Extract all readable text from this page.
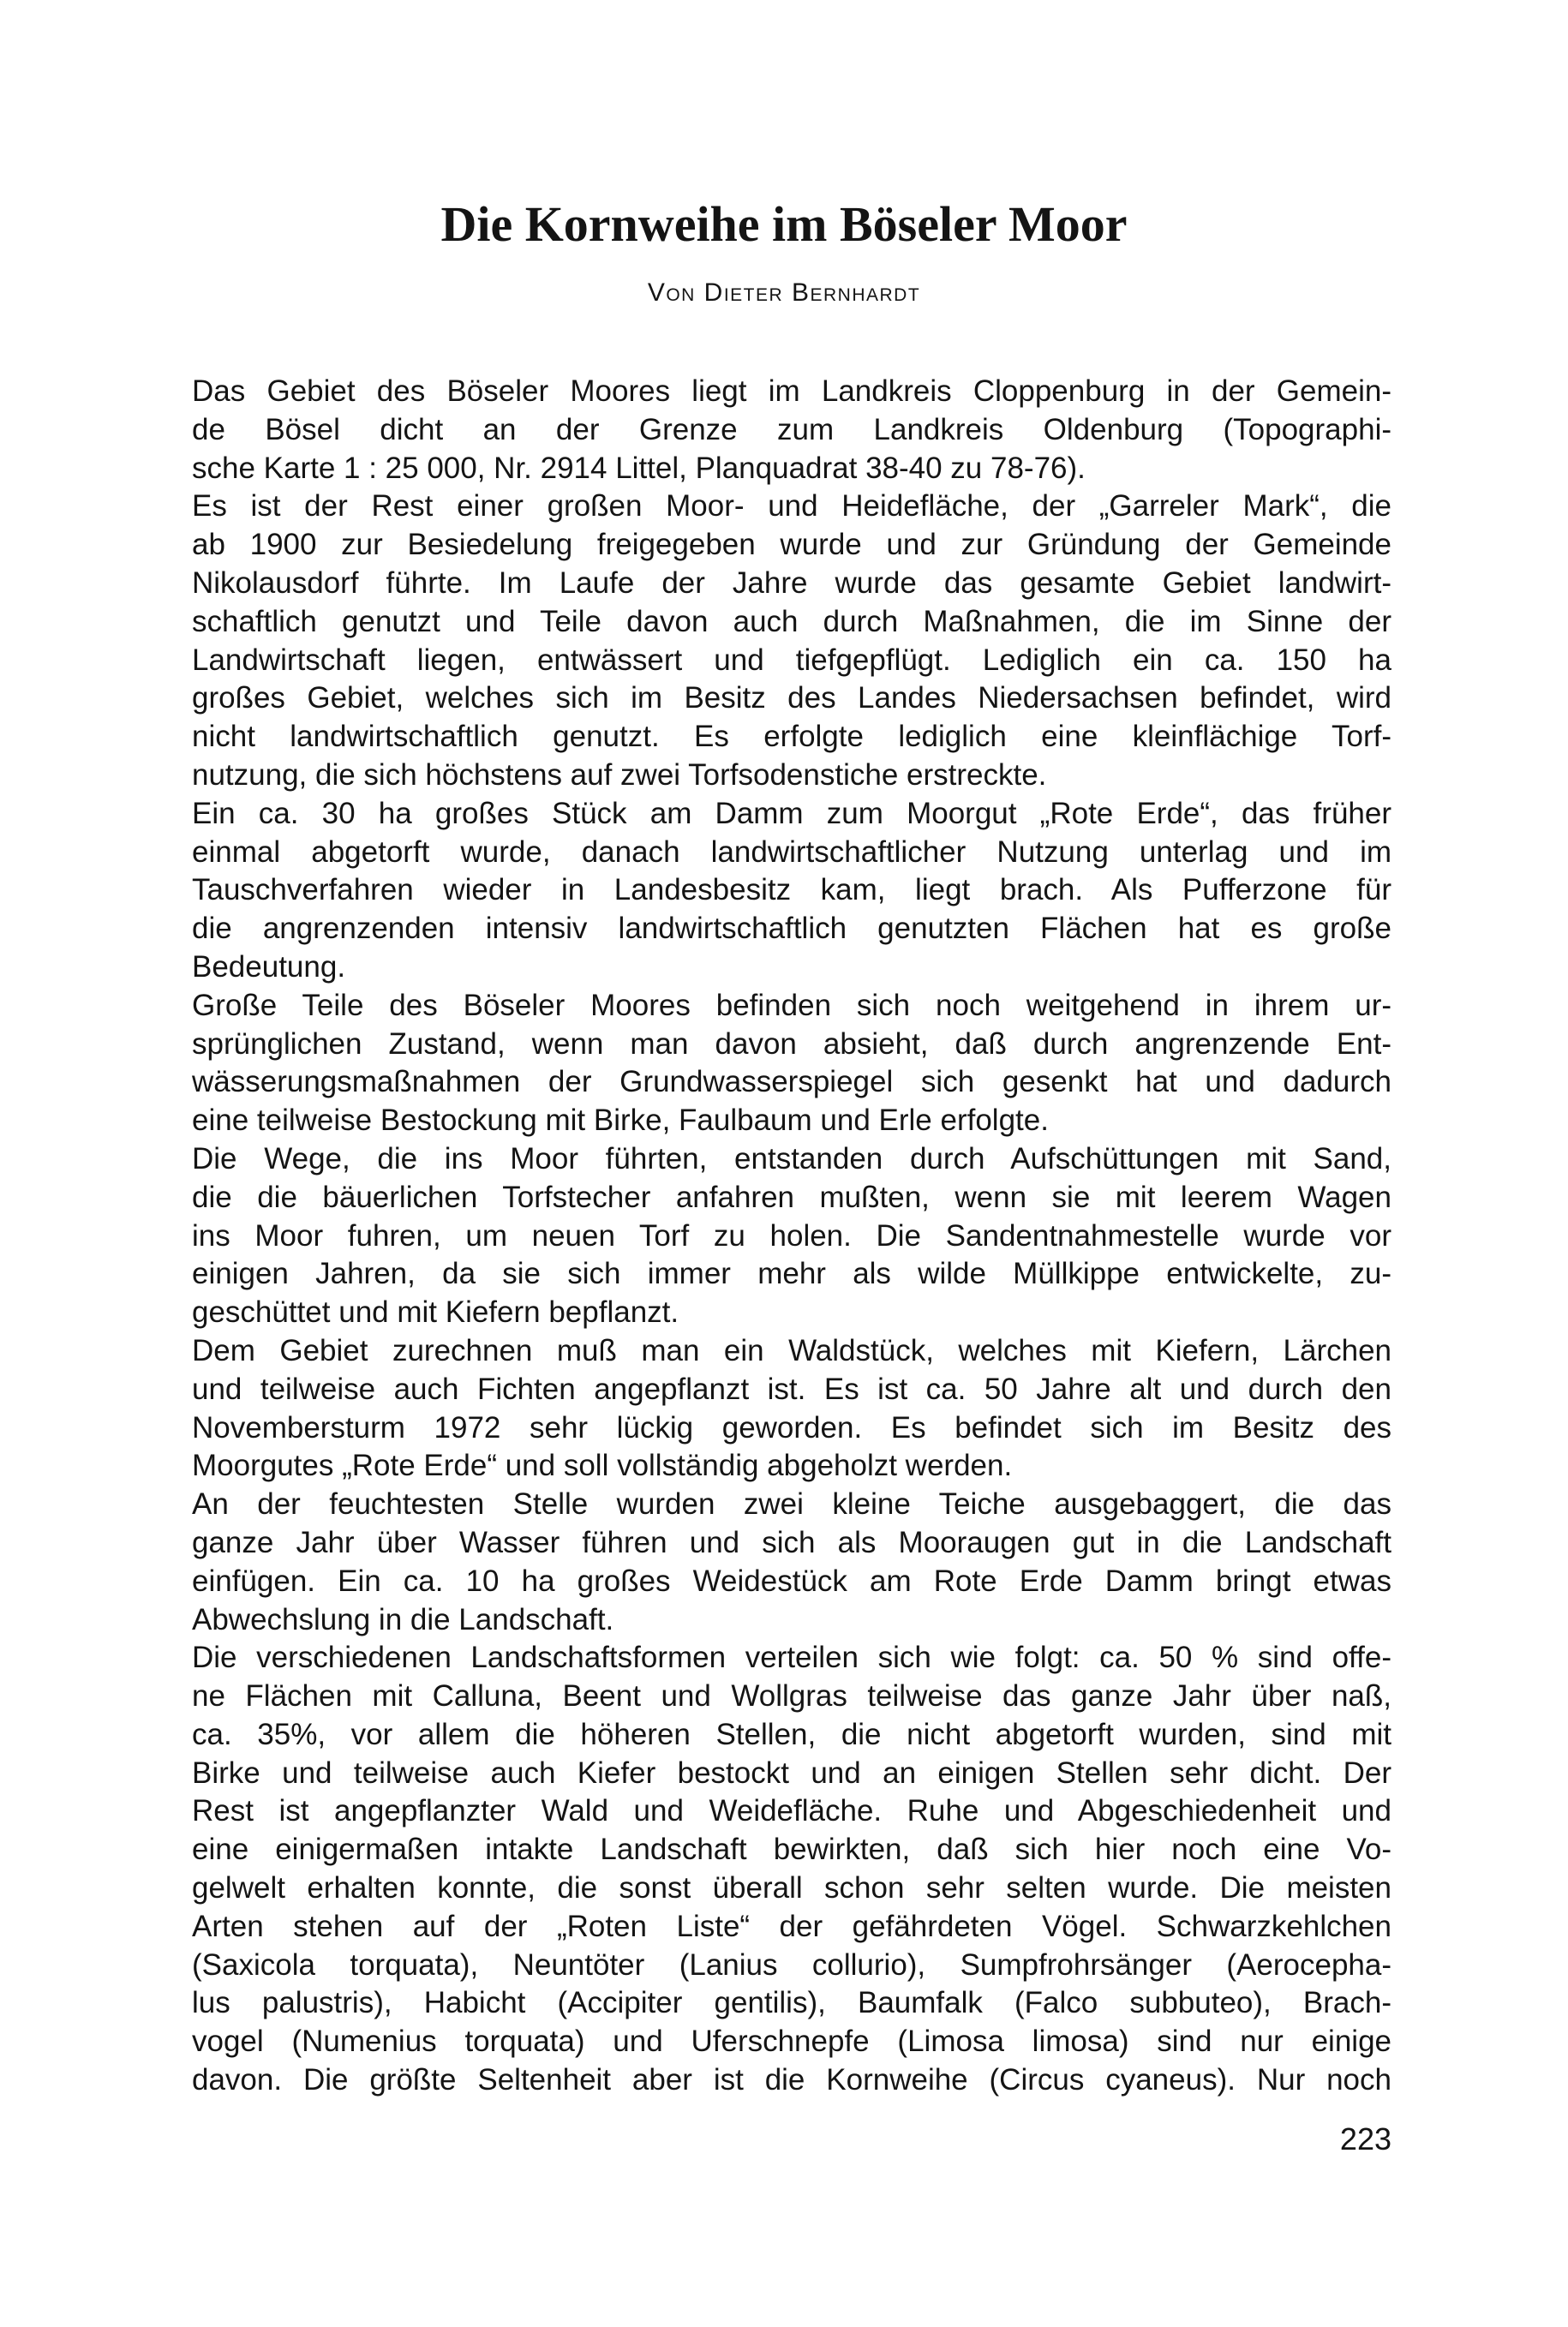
Die Kornweihe im Böseler Moor
Von Dieter Bernhardt
Das Gebiet des Böseler Moores liegt im Landkreis Cloppenburg in der Gemein-
de Bösel dicht an der Grenze zum Landkreis Oldenburg (Topographi-
sche Karte 1 : 25 000, Nr. 2914 Littel, Planquadrat 38-40 zu 78-76).
Es ist der Rest einer großen Moor- und Heidefläche, der „Garreler Mark“, die
ab 1900 zur Besiedelung freigegeben wurde und zur Gründung der Gemeinde
Nikolausdorf führte. Im Laufe der Jahre wurde das gesamte Gebiet landwirt-
schaftlich genutzt und Teile davon auch durch Maßnahmen, die im Sinne der
Landwirtschaft liegen, entwässert und tiefgepflügt. Lediglich ein ca. 150 ha
großes Gebiet, welches sich im Besitz des Landes Niedersachsen befindet, wird
nicht landwirtschaftlich genutzt. Es erfolgte lediglich eine kleinflächige Torf-
nutzung, die sich höchstens auf zwei Torfsodenstiche erstreckte.
Ein ca. 30 ha großes Stück am Damm zum Moorgut „Rote Erde“, das früher
einmal abgetorft wurde, danach landwirtschaftlicher Nutzung unterlag und im
Tauschverfahren wieder in Landesbesitz kam, liegt brach. Als Pufferzone für
die angrenzenden intensiv landwirtschaftlich genutzten Flächen hat es große
Bedeutung.
Große Teile des Böseler Moores befinden sich noch weitgehend in ihrem ur-
sprünglichen Zustand, wenn man davon absieht, daß durch angrenzende Ent-
wässerungsmaßnahmen der Grundwasserspiegel sich gesenkt hat und dadurch
eine teilweise Bestockung mit Birke, Faulbaum und Erle erfolgte.
Die Wege, die ins Moor führten, entstanden durch Aufschüttungen mit Sand,
die die bäuerlichen Torfstecher anfahren mußten, wenn sie mit leerem Wagen
ins Moor fuhren, um neuen Torf zu holen. Die Sandentnahmestelle wurde vor
einigen Jahren, da sie sich immer mehr als wilde Müllkippe entwickelte, zu-
geschüttet und mit Kiefern bepflanzt.
Dem Gebiet zurechnen muß man ein Waldstück, welches mit Kiefern, Lärchen
und teilweise auch Fichten angepflanzt ist. Es ist ca. 50 Jahre alt und durch den
Novembersturm 1972 sehr lückig geworden. Es befindet sich im Besitz des
Moorgutes „Rote Erde“ und soll vollständig abgeholzt werden.
An der feuchtesten Stelle wurden zwei kleine Teiche ausgebaggert, die das
ganze Jahr über Wasser führen und sich als Mooraugen gut in die Landschaft
einfügen. Ein ca. 10 ha großes Weidestück am Rote Erde Damm bringt etwas
Abwechslung in die Landschaft.
Die verschiedenen Landschaftsformen verteilen sich wie folgt: ca. 50 % sind offe-
ne Flächen mit Calluna, Beent und Wollgras teilweise das ganze Jahr über naß,
ca. 35%, vor allem die höheren Stellen, die nicht abgetorft wurden, sind mit
Birke und teilweise auch Kiefer bestockt und an einigen Stellen sehr dicht. Der
Rest ist angepflanzter Wald und Weidefläche. Ruhe und Abgeschiedenheit und
eine einigermaßen intakte Landschaft bewirkten, daß sich hier noch eine Vo-
gelwelt erhalten konnte, die sonst überall schon sehr selten wurde. Die meisten
Arten stehen auf der „Roten Liste“ der gefährdeten Vögel. Schwarzkehlchen
(Saxicola torquata), Neuntöter (Lanius collurio), Sumpfrohrsänger (Aerocepha-
lus palustris), Habicht (Accipiter gentilis), Baumfalk (Falco subbuteo), Brach-
vogel (Numenius torquata) und Uferschnepfe (Limosa limosa) sind nur einige
davon. Die größte Seltenheit aber ist die Kornweihe (Circus cyaneus). Nur noch
223
